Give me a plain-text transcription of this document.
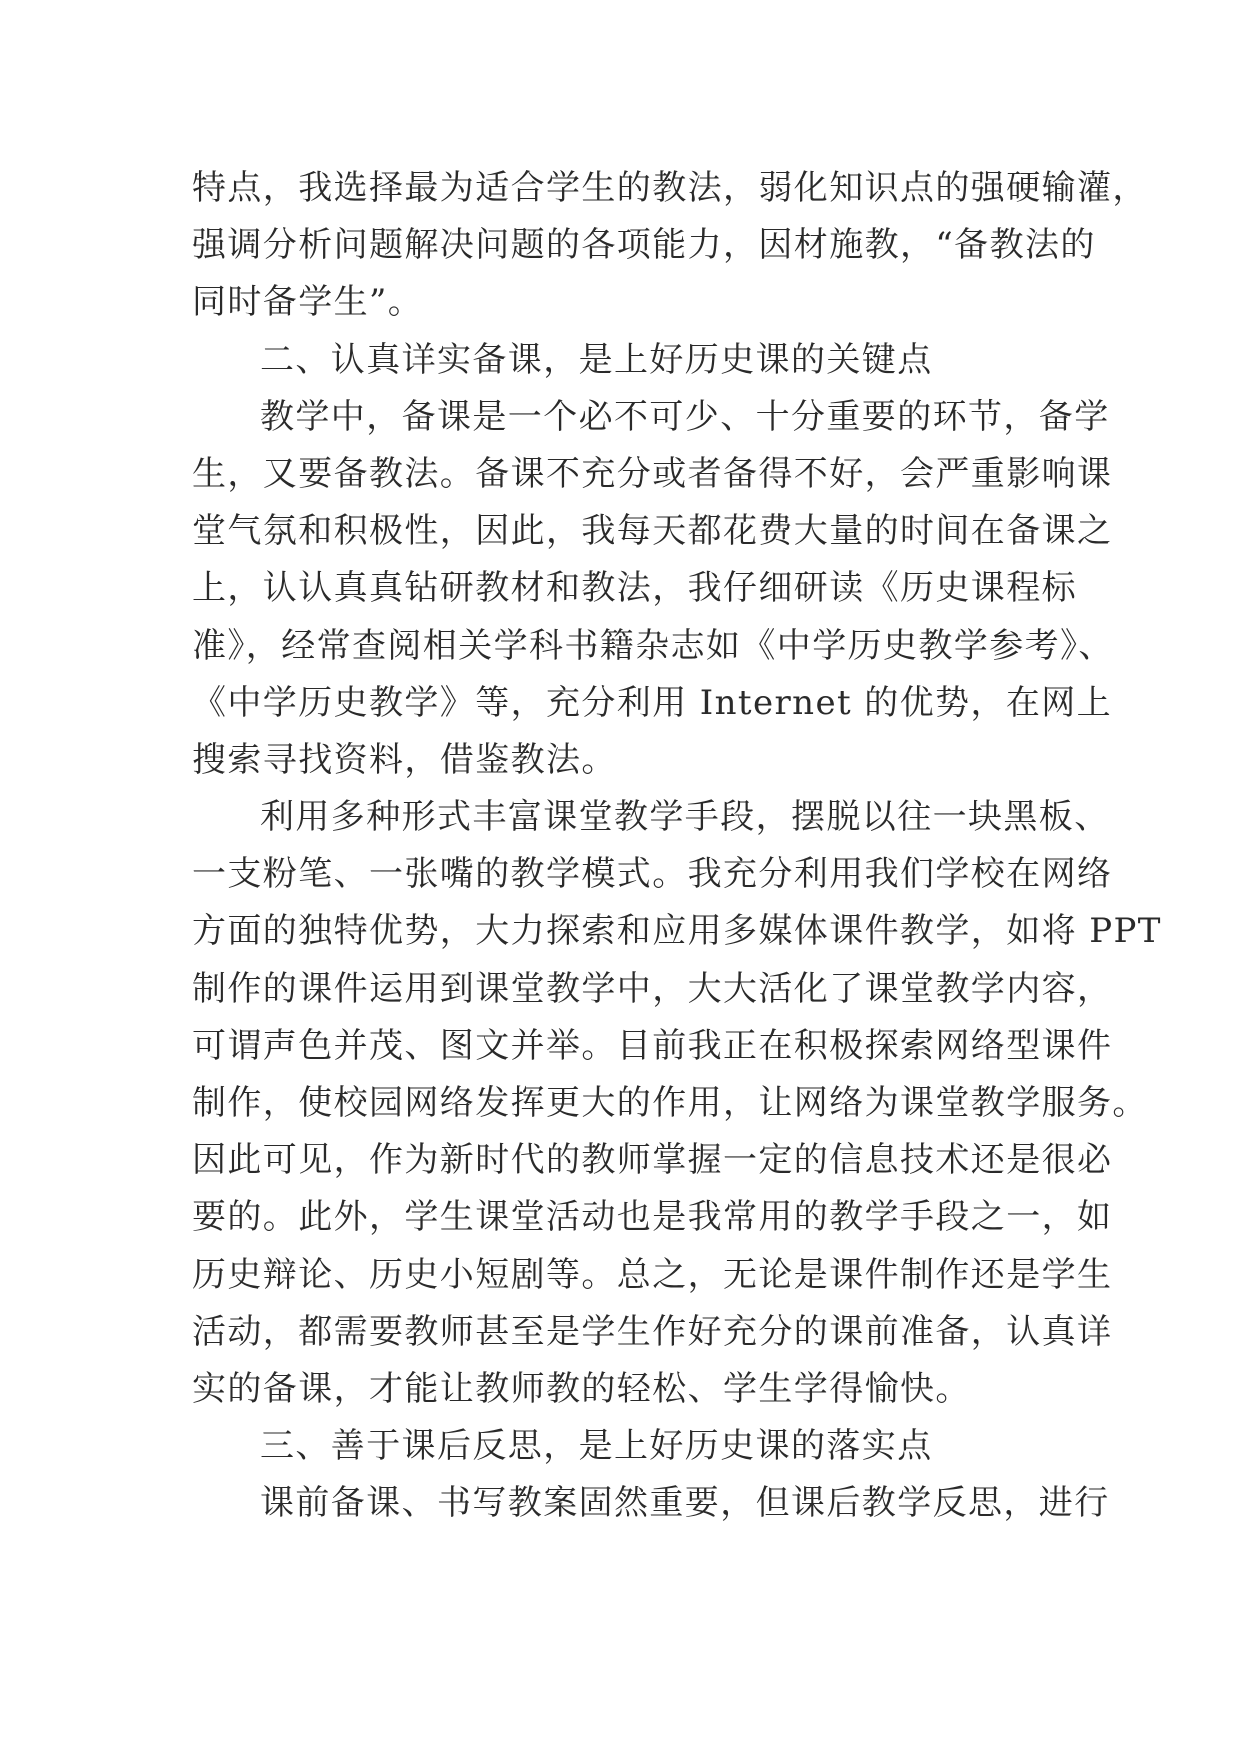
特点，我选择最为适合学生的教法，弱化知识点的强硬输灌，
强调分析问题解决问题的各项能力，因材施教，“备教法的
同时备学生”。
二、认真详实备课，是上好历史课的关键点
教学中，备课是一个必不可少、十分重要的环节，备学
生，又要备教法。备课不充分或者备得不好，会严重影响课
堂气氛和积极性，因此，我每天都花费大量的时间在备课之
上，认认真真钻研教材和教法，我仔细研读《历史课程标
准》，经常查阅相关学科书籍杂志如《中学历史教学参考》、
《中学历史教学》等，充分利用 Internet 的优势，在网上
搜索寻找资料，借鉴教法。
利用多种形式丰富课堂教学手段，摆脱以往一块黑板、
一支粉笔、一张嘴的教学模式。我充分利用我们学校在网络
方面的独特优势，大力探索和应用多媒体课件教学，如将 PPT
制作的课件运用到课堂教学中，大大活化了课堂教学内容，
可谓声色并茂、图文并举。目前我正在积极探索网络型课件
制作，使校园网络发挥更大的作用，让网络为课堂教学服务。
因此可见，作为新时代的教师掌握一定的信息技术还是很必
要的。此外，学生课堂活动也是我常用的教学手段之一，如
历史辩论、历史小短剧等。总之，无论是课件制作还是学生
活动，都需要教师甚至是学生作好充分的课前准备，认真详
实的备课，才能让教师教的轻松、学生学得愉快。
三、善于课后反思，是上好历史课的落实点
课前备课、书写教案固然重要，但课后教学反思，进行
